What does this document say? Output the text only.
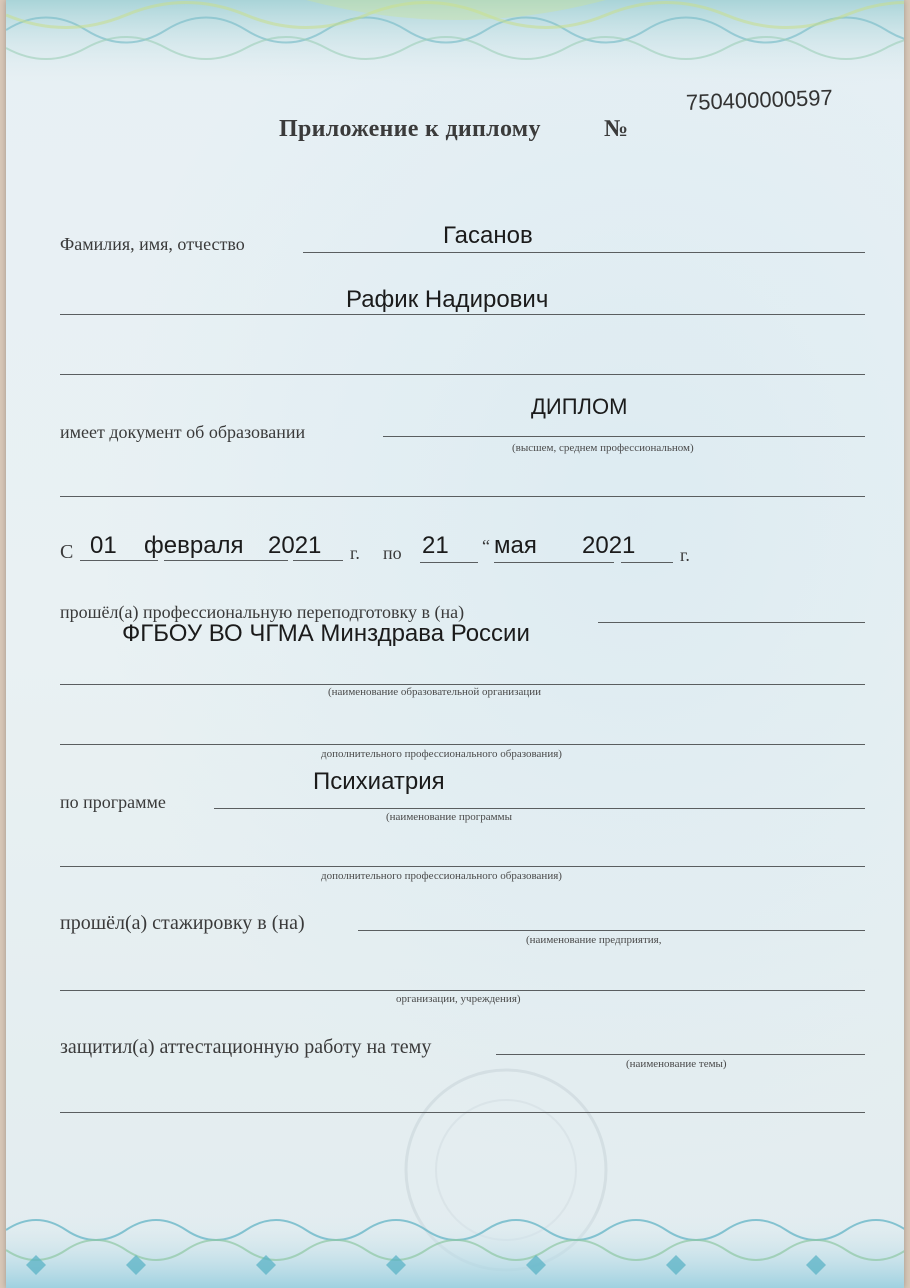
Приложение к диплому	№
750400000597
Фамилия, имя, отчество	Гасанов
Рафик Надирович
имеет документ об образовании
ДИПЛОМ
(высшем, среднем профессиональном)
С 01 февраля 2021 г. по 21 “ мая 2021 г.
прошёл(а) профессиональную переподготовку в (на)
ФГБОУ ВО ЧГМА Минздрава России
(наименование образовательной организации
дополнительного профессионального образования)
по программе
Психиатрия
(наименование программы
дополнительного профессионального образования)
прошёл(а) стажировку в (на)
(наименование предприятия,
организации, учреждения)
защитил(а) аттестационную работу на тему
(наименование темы)
